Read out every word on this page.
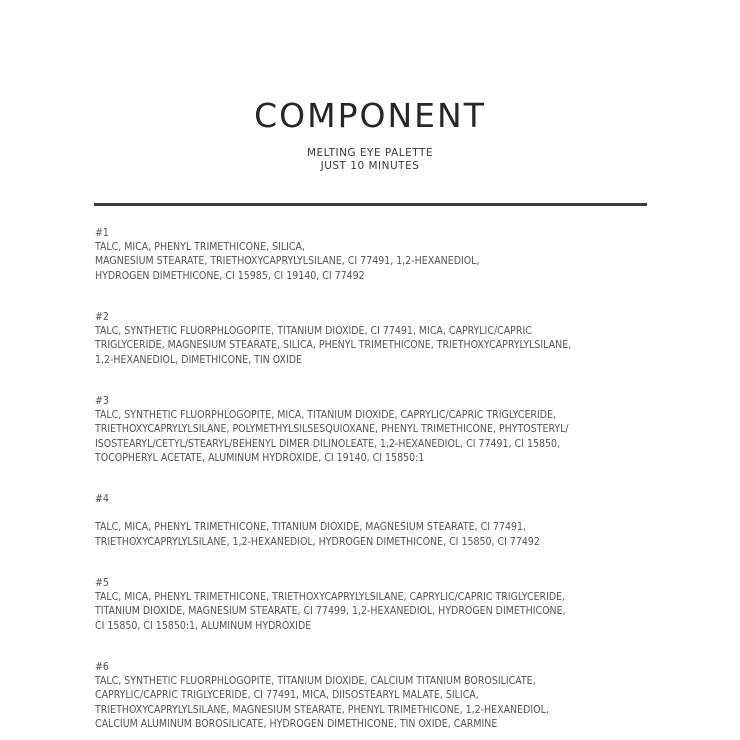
COMPONENT
MELTING EYE PALETTE
JUST 10 MINUTES
#1
TALC, MICA, PHENYL TRIMETHICONE, SILICA,
MAGNESIUM STEARATE, TRIETHOXYCAPRYLYLSILANE, CI 77491, 1,2-HEXANEDIOL,
HYDROGEN DIMETHICONE, CI 15985, CI 19140, CI 77492
#2
TALC, SYNTHETIC FLUORPHLOGOPITE, TITANIUM DIOXIDE, CI 77491, MICA, CAPRYLIC/CAPRIC
TRIGLYCERIDE, MAGNESIUM STEARATE, SILICA, PHENYL TRIMETHICONE, TRIETHOXYCAPRYLYLSILANE,
1,2-HEXANEDIOL, DIMETHICONE, TIN OXIDE
#3
TALC, SYNTHETIC FLUORPHLOGOPITE, MICA, TITANIUM DIOXIDE, CAPRYLIC/CAPRIC TRIGLYCERIDE,
TRIETHOXYCAPRYLYLSILANE, POLYMETHYLSILSESQUIOXANE, PHENYL TRIMETHICONE, PHYTOSTERYL/
ISOSTEARYL/CETYL/STEARYL/BEHENYL DIMER DILINOLEATE, 1,2-HEXANEDIOL, CI 77491, CI 15850,
TOCOPHERYL ACETATE, ALUMINUM HYDROXIDE, CI 19140, CI 15850:1
#4

TALC, MICA, PHENYL TRIMETHICONE, TITANIUM DIOXIDE, MAGNESIUM STEARATE, CI 77491,
TRIETHOXYCAPRYLYLSILANE, 1,2-HEXANEDIOL, HYDROGEN DIMETHICONE, CI 15850, CI 77492
#5
TALC, MICA, PHENYL TRIMETHICONE, TRIETHOXYCAPRYLYLSILANE, CAPRYLIC/CAPRIC TRIGLYCERIDE,
TITANIUM DIOXIDE, MAGNESIUM STEARATE, CI 77499, 1,2-HEXANEDIOL, HYDROGEN DIMETHICONE,
CI 15850, CI 15850:1, ALUMINUM HYDROXIDE
#6
TALC, SYNTHETIC FLUORPHLOGOPITE, TITANIUM DIOXIDE, CALCIUM TITANIUM BOROSILICATE,
CAPRYLIC/CAPRIC TRIGLYCERIDE, CI 77491, MICA, DIISOSTEARYL MALATE, SILICA,
TRIETHOXYCAPRYLYLSILANE, MAGNESIUM STEARATE, PHENYL TRIMETHICONE, 1,2-HEXANEDIOL,
CALCIUM ALUMINUM BOROSILICATE, HYDROGEN DIMETHICONE, TIN OXIDE, CARMINE
